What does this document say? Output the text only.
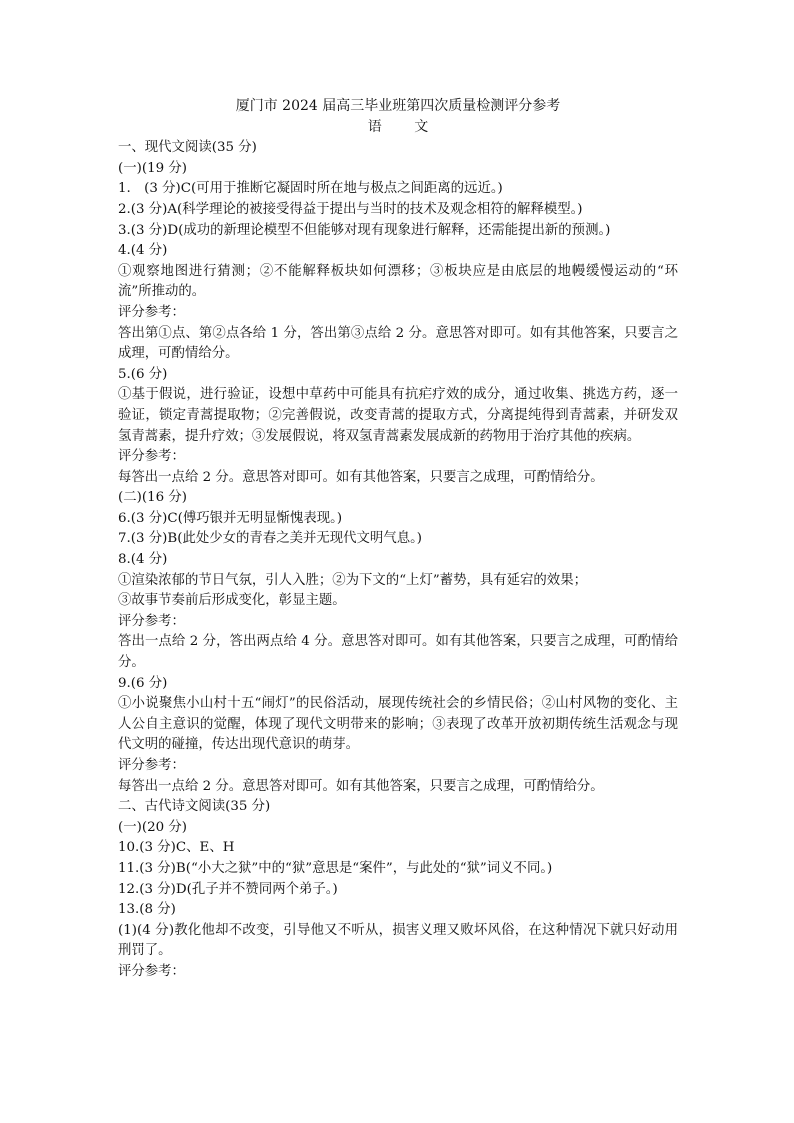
厦门市 2024 届高三毕业班第四次质量检测评分参考
语 文
一、现代文阅读(35 分)
(一)(19 分)
1.　(3 分)C(可用于推断它凝固时所在地与极点之间距离的远近。)
2.(3 分)A(科学理论的被接受得益于提出与当时的技术及观念相符的解释模型。)
3.(3 分)D(成功的新理论模型不但能够对现有现象进行解释，还需能提出新的预测。)
4.(4 分)
①观察地图进行猜测；②不能解释板块如何漂移；③板块应是由底层的地幔缓慢运动的“环流”所推动的。
评分参考：
答出第①点、第②点各给 1 分，答出第③点给 2 分。意思答对即可。如有其他答案，只要言之成理，可酌情给分。
5.(6 分)
①基于假说，进行验证，设想中草药中可能具有抗疟疗效的成分，通过收集、挑选方药，逐一验证，锁定青蒿提取物；②完善假说，改变青蒿的提取方式，分离提纯得到青蒿素，并研发双氢青蒿素，提升疗效；③发展假说，将双氢青蒿素发展成新的药物用于治疗其他的疾病。
评分参考：
每答出一点给 2 分。意思答对即可。如有其他答案，只要言之成理，可酌情给分。
(二)(16 分)
6.(3 分)C(傅巧银并无明显惭愧表现。)
7.(3 分)B(此处少女的青春之美并无现代文明气息。)
8.(4 分)
①渲染浓郁的节日气氛，引人入胜；②为下文的“上灯”蓄势，具有延宕的效果；
③故事节奏前后形成变化，彰显主题。
评分参考：
答出一点给 2 分，答出两点给 4 分。意思答对即可。如有其他答案，只要言之成理，可酌情给分。
9.(6 分)
①小说聚焦小山村十五“闹灯”的民俗活动，展现传统社会的乡情民俗；②山村风物的变化、主人公自主意识的觉醒，体现了现代文明带来的影响；③表现了改革开放初期传统生活观念与现代文明的碰撞，传达出现代意识的萌芽。
评分参考：
每答出一点给 2 分。意思答对即可。如有其他答案，只要言之成理，可酌情给分。
二、古代诗文阅读(35 分)
(一)(20 分)
10.(3 分)C、E、H
11.(3 分)B(“小大之狱”中的“狱”意思是“案件”，与此处的“狱”词义不同。)
12.(3 分)D(孔子并不赞同两个弟子。)
13.(8 分)
(1)(4 分)教化他却不改变，引导他又不听从，损害义理又败坏风俗，在这种情况下就只好动用刑罚了。
评分参考：
